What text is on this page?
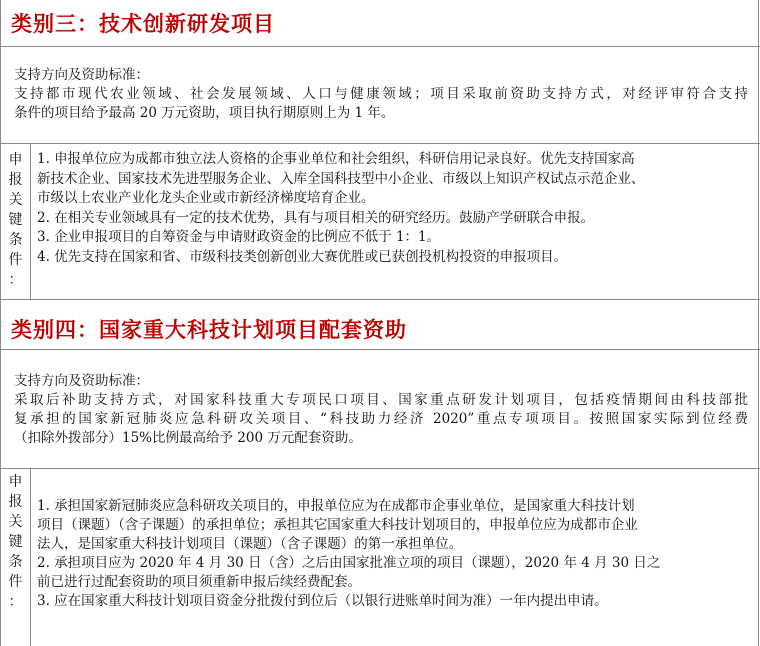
类别三：技术创新研发项目
支持方向及资助标准：
支持都市现代农业领域、社会发展领域、人口与健康领域；项目采取前资助支持方式，对经评审符合支持
条件的项目给予最高 20 万元资助，项目执行期原则上为 1 年。
申
报
关
键
条
件
：
1. 申报单位应为成都市独立法人资格的企事业单位和社会组织，科研信用记录良好。优先支持国家高
新技术企业、国家技术先进型服务企业、入库全国科技型中小企业、市级以上知识产权试点示范企业、
市级以上农业产业化龙头企业或市新经济梯度培育企业。
2. 在相关专业领域具有一定的技术优势，具有与项目相关的研究经历。鼓励产学研联合申报。
3. 企业申报项目的自筹资金与申请财政资金的比例应不低于 1：1。
4. 优先支持在国家和省、市级科技类创新创业大赛优胜或已获创投机构投资的申报项目。
类别四：国家重大科技计划项目配套资助
支持方向及资助标准：
采取后补助支持方式，对国家科技重大专项民口项目、国家重点研发计划项目，包括疫情期间由科技部批
复承担的国家新冠肺炎应急科研攻关项目、“科技助力经济 2020”重点专项项目。按照国家实际到位经费
（扣除外拨部分）15%比例最高给予 200 万元配套资助。
申
报
关
键
条
件
：
1. 承担国家新冠肺炎应急科研攻关项目的，申报单位应为在成都市企事业单位，是国家重大科技计划
项目（课题）（含子课题）的承担单位；承担其它国家重大科技计划项目的，申报单位应为成都市企业
法人，是国家重大科技计划项目（课题）（含子课题）的第一承担单位。
2. 承担项目应为 2020 年 4 月 30 日（含）之后由国家批准立项的项目（课题），2020 年 4 月 30 日之
前已进行过配套资助的项目须重新申报后续经费配套。
3. 应在国家重大科技计划项目资金分批拨付到位后（以银行进账单时间为准）一年内提出申请。
